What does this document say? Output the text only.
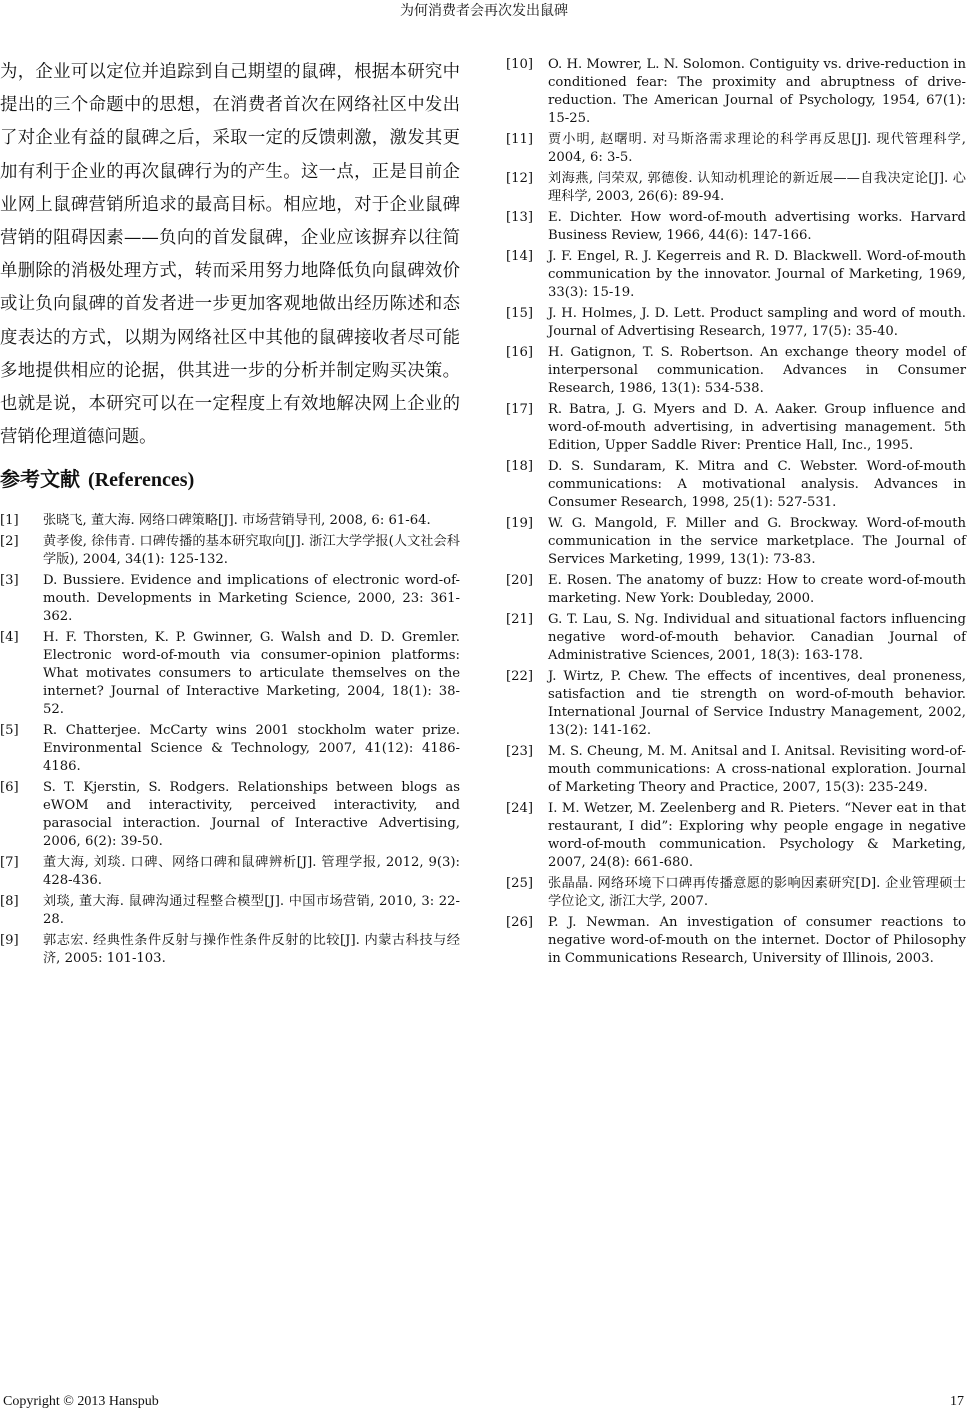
为何消费者会再次发出鼠碑

为，企业可以定位并追踪到自己期望的鼠碑，根据本研究中提出的三个命题中的思想，在消费者首次在网络社区中发出了对企业有益的鼠碑之后，采取一定的反馈刺激，激发其更加有利于企业的再次鼠碑行为的产生。这一点，正是目前企业网上鼠碑营销所追求的最高目标。相应地，对于企业鼠碑营销的阻碍因素——负向的首发鼠碑，企业应该摒弃以往简单删除的消极处理方式，转而采用努力地降低负向鼠碑效价或让负向鼠碑的首发者进一步更加客观地做出经历陈述和态度表达的方式，以期为网络社区中其他的鼠碑接收者尽可能多地提供相应的论据，供其进一步的分析并制定购买决策。也就是说，本研究可以在一定程度上有效地解决网上企业的营销伦理道德问题。

参考文献 (References)
[1] 张晓飞, 董大海. 网络口碑策略[J]. 市场营销导刊, 2008, 6: 61-64.
[2] 黄孝俊, 徐伟青. 口碑传播的基本研究取向[J]. 浙江大学学报(人文社会科学版), 2004, 34(1): 125-132.
[3] D. Bussiere. Evidence and implications of electronic word-of-mouth. Developments in Marketing Science, 2000, 23: 361-362.
[4] H. F. Thorsten, K. P. Gwinner, G. Walsh and D. D. Gremler. Electronic word-of-mouth via consumer-opinion platforms: What motivates consumers to articulate themselves on the internet? Journal of Interactive Marketing, 2004, 18(1): 38-52.
[5] R. Chatterjee. McCarty wins 2001 stockholm water prize. Environmental Science & Technology, 2007, 41(12): 4186-4186.
[6] S. T. Kjerstin, S. Rodgers. Relationships between blogs as eWOM and interactivity, perceived interactivity, and parasocial interaction. Journal of Interactive Advertising, 2006, 6(2): 39-50.
[7] 董大海, 刘琰. 口碑、网络口碑和鼠碑辨析[J]. 管理学报, 2012, 9(3): 428-436.
[8] 刘琰, 董大海. 鼠碑沟通过程整合模型[J]. 中国市场营销, 2010, 3: 22-28.
[9] 郭志宏. 经典性条件反射与操作性条件反射的比较[J]. 内蒙古科技与经济, 2005: 101-103.
[10] O. H. Mowrer, L. N. Solomon. Contiguity vs. drive-reduction in conditioned fear: The proximity and abruptness of drive-reduction. The American Journal of Psychology, 1954, 67(1): 15-25.
[11] 贾小明, 赵曙明. 对马斯洛需求理论的科学再反思[J]. 现代管理科学, 2004, 6: 3-5.
[12] 刘海燕, 闫荣双, 郭德俊. 认知动机理论的新近展——自我决定论[J]. 心理科学, 2003, 26(6): 89-94.
[13] E. Dichter. How word-of-mouth advertising works. Harvard Business Review, 1966, 44(6): 147-166.
[14] J. F. Engel, R. J. Kegerreis and R. D. Blackwell. Word-of-mouth communication by the innovator. Journal of Marketing, 1969, 33(3): 15-19.
[15] J. H. Holmes, J. D. Lett. Product sampling and word of mouth. Journal of Advertising Research, 1977, 17(5): 35-40.
[16] H. Gatignon, T. S. Robertson. An exchange theory model of interpersonal communication. Advances in Consumer Research, 1986, 13(1): 534-538.
[17] R. Batra, J. G. Myers and D. A. Aaker. Group influence and word-of-mouth advertising, in advertising management. 5th Edition, Upper Saddle River: Prentice Hall, Inc., 1995.
[18] D. S. Sundaram, K. Mitra and C. Webster. Word-of-mouth communications: A motivational analysis. Advances in Consumer Research, 1998, 25(1): 527-531.
[19] W. G. Mangold, F. Miller and G. Brockway. Word-of-mouth communication in the service marketplace. The Journal of Services Marketing, 1999, 13(1): 73-83.
[20] E. Rosen. The anatomy of buzz: How to create word-of-mouth marketing. New York: Doubleday, 2000.
[21] G. T. Lau, S. Ng. Individual and situational factors influencing negative word-of-mouth behavior. Canadian Journal of Administrative Sciences, 2001, 18(3): 163-178.
[22] J. Wirtz, P. Chew. The effects of incentives, deal proneness, satisfaction and tie strength on word-of-mouth behavior. International Journal of Service Industry Management, 2002, 13(2): 141-162.
[23] M. S. Cheung, M. M. Anitsal and I. Anitsal. Revisiting word-of-mouth communications: A cross-national exploration. Journal of Marketing Theory and Practice, 2007, 15(3): 235-249.
[24] I. M. Wetzer, M. Zeelenberg and R. Pieters. “Never eat in that restaurant, I did”: Exploring why people engage in negative word-of-mouth communication. Psychology & Marketing, 2007, 24(8): 661-680.
[25] 张晶晶. 网络环境下口碑再传播意愿的影响因素研究[D]. 企业管理硕士学位论文, 浙江大学, 2007.
[26] P. J. Newman. An investigation of consumer reactions to negative word-of-mouth on the internet. Doctor of Philosophy in Communications Research, University of Illinois, 2003.
Copyright © 2013 Hanspub	17
